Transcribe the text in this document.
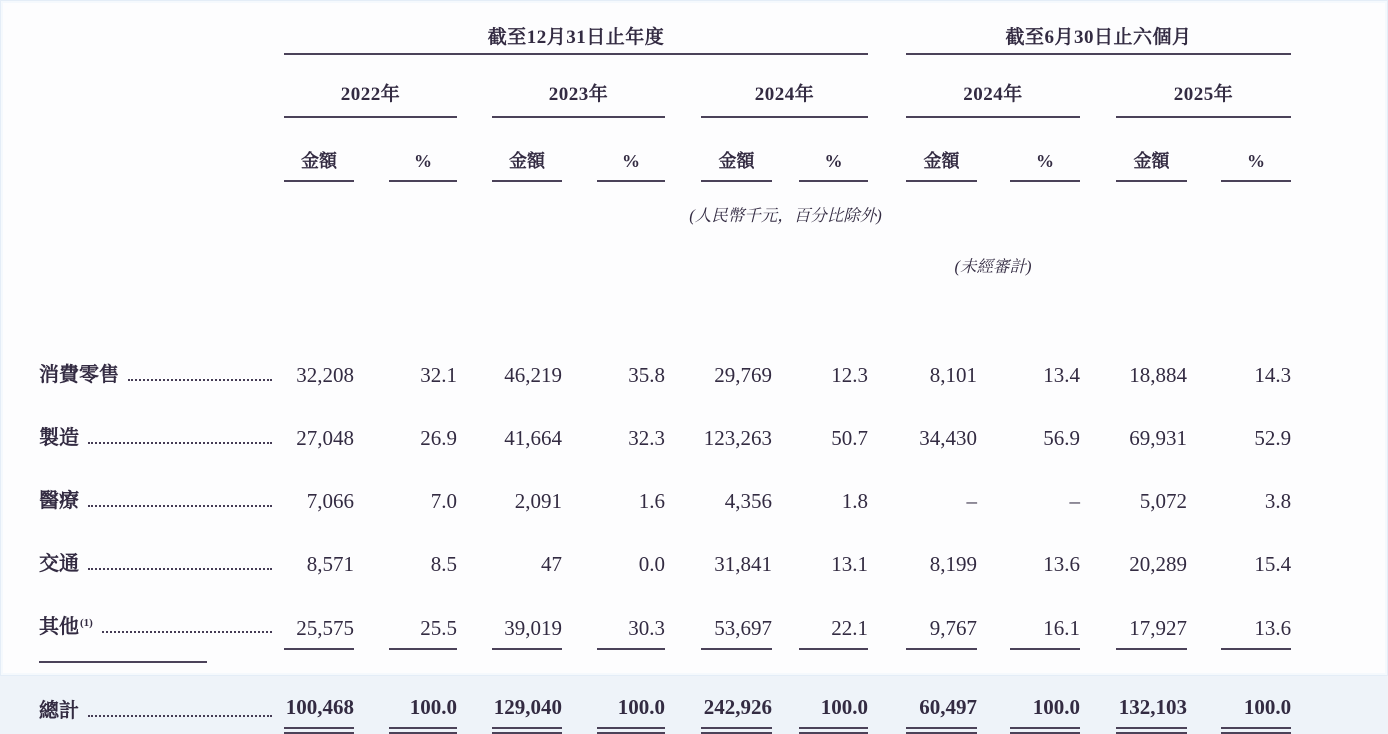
	截至12月31日止年度												截至6月30日止六個月						
	2022年				2023年				2024年				2024年				2025年		
	金額		%		金額		%		金額		%		金額		%		金額		%
								(人民幣千元，百分比除外)											
													(未經審計)						

消費零售	32,208		32.1		46,219		35.8		29,769		12.3		8,101		13.4		18,884		14.3

製造	27,048		26.9		41,664		32.3		123,263		50.7		34,430		56.9		69,931		52.9

醫療	7,066		7.0		2,091		1.6		4,356		1.8		–		–		5,072		3.8

交通	8,571		8.5		47		0.0		31,841		13.1		8,199		13.6		20,289		15.4

其他 (1)	25,575		25.5		39,019		30.3		53,697		22.1		9,767		16.1		17,927		13.6

總計	100,468		100.0		129,040		100.0		242,926		100.0		60,497		100.0		132,103		100.0
